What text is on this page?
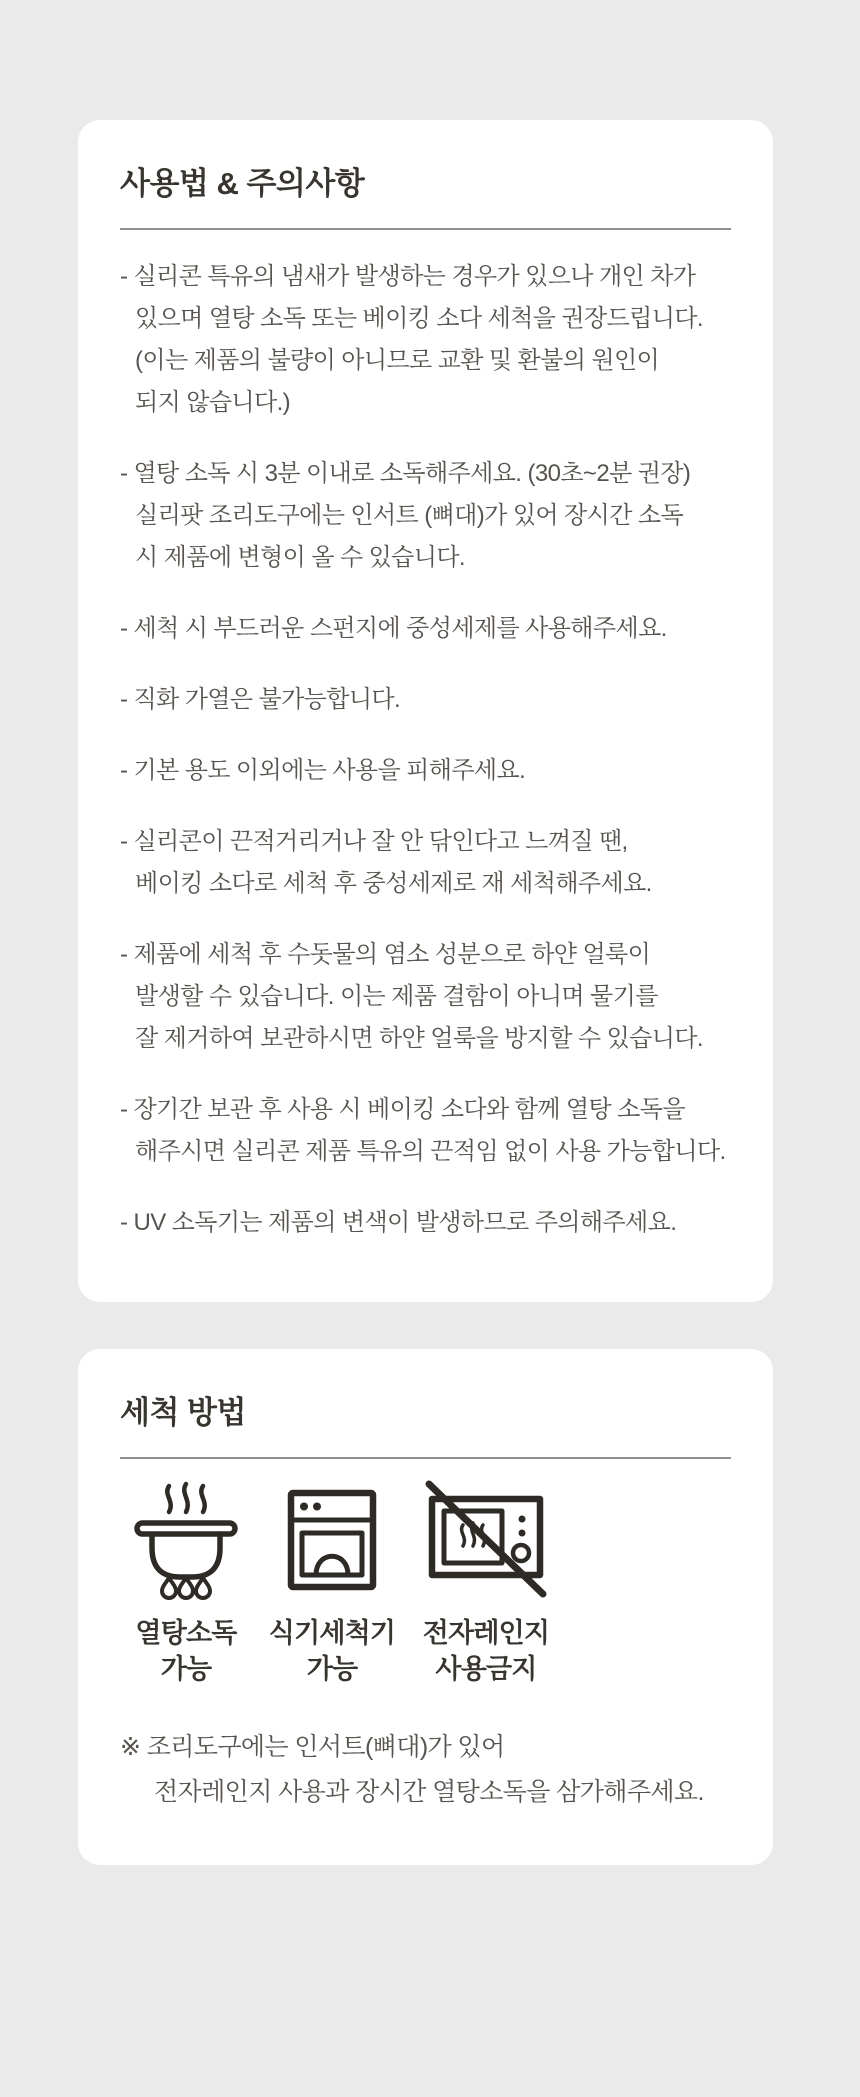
사용법 & 주의사항
- 실리콘 특유의 냄새가 발생하는 경우가 있으나 개인 차가
있으며 열탕 소독 또는 베이킹 소다 세척을 권장드립니다.
(이는 제품의 불량이 아니므로 교환 및 환불의 원인이
되지 않습니다.)
- 열탕 소독 시 3분 이내로 소독해주세요. (30초~2분 권장)
실리팟 조리도구에는 인서트 (뼈대)가 있어 장시간 소독
시 제품에 변형이 올 수 있습니다.
- 세척 시 부드러운 스펀지에 중성세제를 사용해주세요.
- 직화 가열은 불가능합니다.
- 기본 용도 이외에는 사용을 피해주세요.
- 실리콘이 끈적거리거나 잘 안 닦인다고 느껴질 땐,
베이킹 소다로 세척 후 중성세제로 재 세척해주세요.
- 제품에 세척 후 수돗물의 염소 성분으로 하얀 얼룩이
발생할 수 있습니다. 이는 제품 결함이 아니며 물기를
잘 제거하여 보관하시면 하얀 얼룩을 방지할 수 있습니다.
- 장기간 보관 후 사용 시 베이킹 소다와 함께 열탕 소독을
해주시면 실리콘 제품 특유의 끈적임 없이 사용 가능합니다.
- UV 소독기는 제품의 변색이 발생하므로 주의해주세요.
세척 방법
열탕소독
가능
식기세척기
가능
전자레인지
사용금지
※ 조리도구에는 인서트(뼈대)가 있어
전자레인지 사용과 장시간 열탕소독을 삼가해주세요.
